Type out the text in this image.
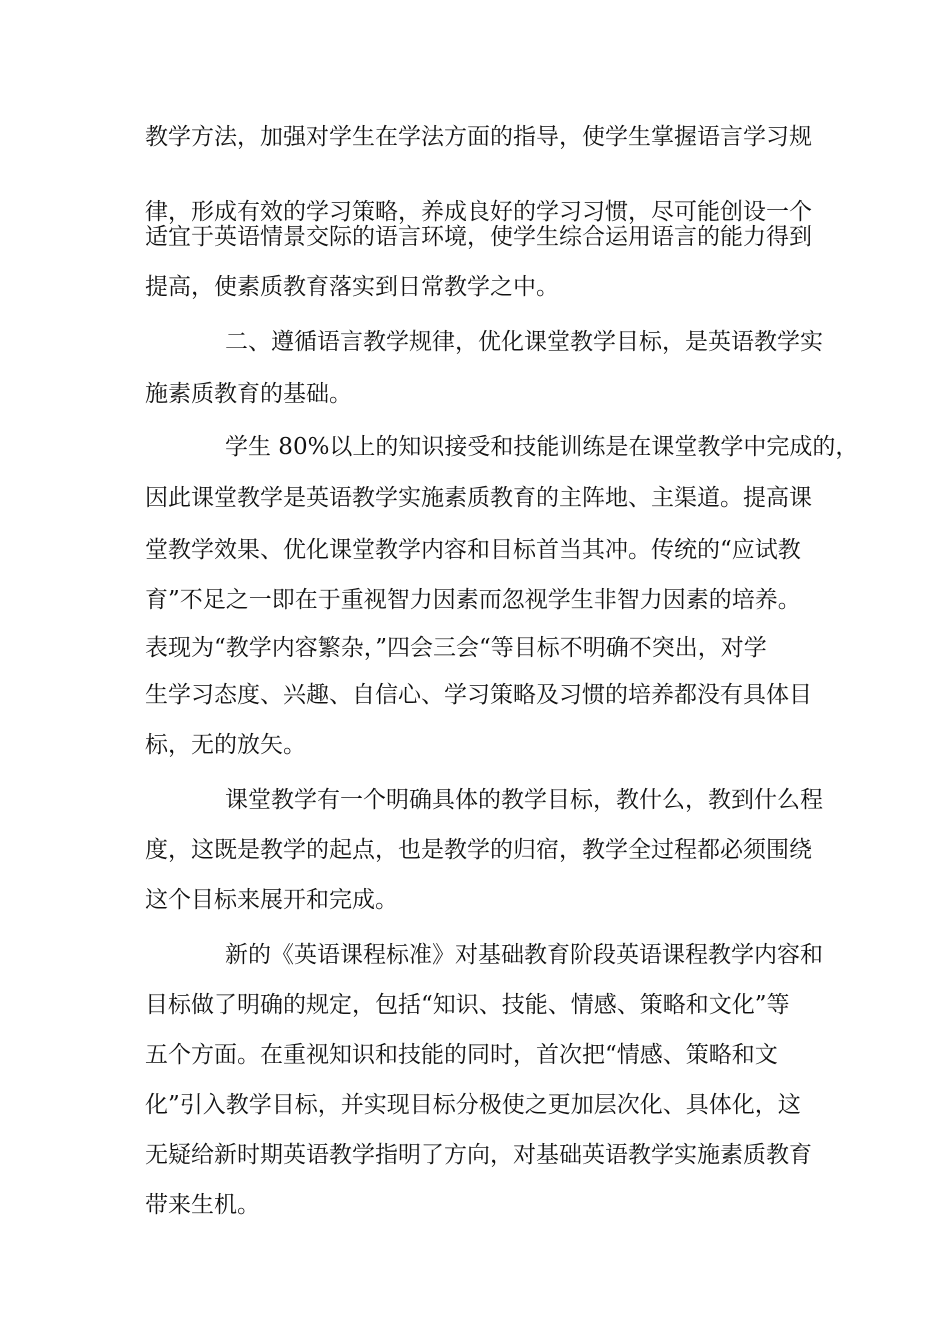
教学方法，加强对学生在学法方面的指导，使学生掌握语言学习规
律，形成有效的学习策略，养成良好的学习习惯，尽可能创设一个
适宜于英语情景交际的语言环境，使学生综合运用语言的能力得到
提高，使素质教育落实到日常教学之中。
二、遵循语言教学规律，优化课堂教学目标，是英语教学实
施素质教育的基础。
学生 80%以上的知识接受和技能训练是在课堂教学中完成的，
因此课堂教学是英语教学实施素质教育的主阵地、主渠道。提高课
堂教学效果、优化课堂教学内容和目标首当其冲。传统的“应试教
育”不足之一即在于重视智力因素而忽视学生非智力因素的培养。
表现为“教学内容繁杂，”四会三会“等目标不明确不突出，对学
生学习态度、兴趣、自信心、学习策略及习惯的培养都没有具体目
标，无的放矢。
课堂教学有一个明确具体的教学目标，教什么，教到什么程
度，这既是教学的起点，也是教学的归宿，教学全过程都必须围绕
这个目标来展开和完成。
新的《英语课程标准》对基础教育阶段英语课程教学内容和
目标做了明确的规定，包括“知识、技能、情感、策略和文化”等
五个方面。在重视知识和技能的同时，首次把“情感、策略和文
化”引入教学目标，并实现目标分极使之更加层次化、具体化，这
无疑给新时期英语教学指明了方向，对基础英语教学实施素质教育
带来生机。
